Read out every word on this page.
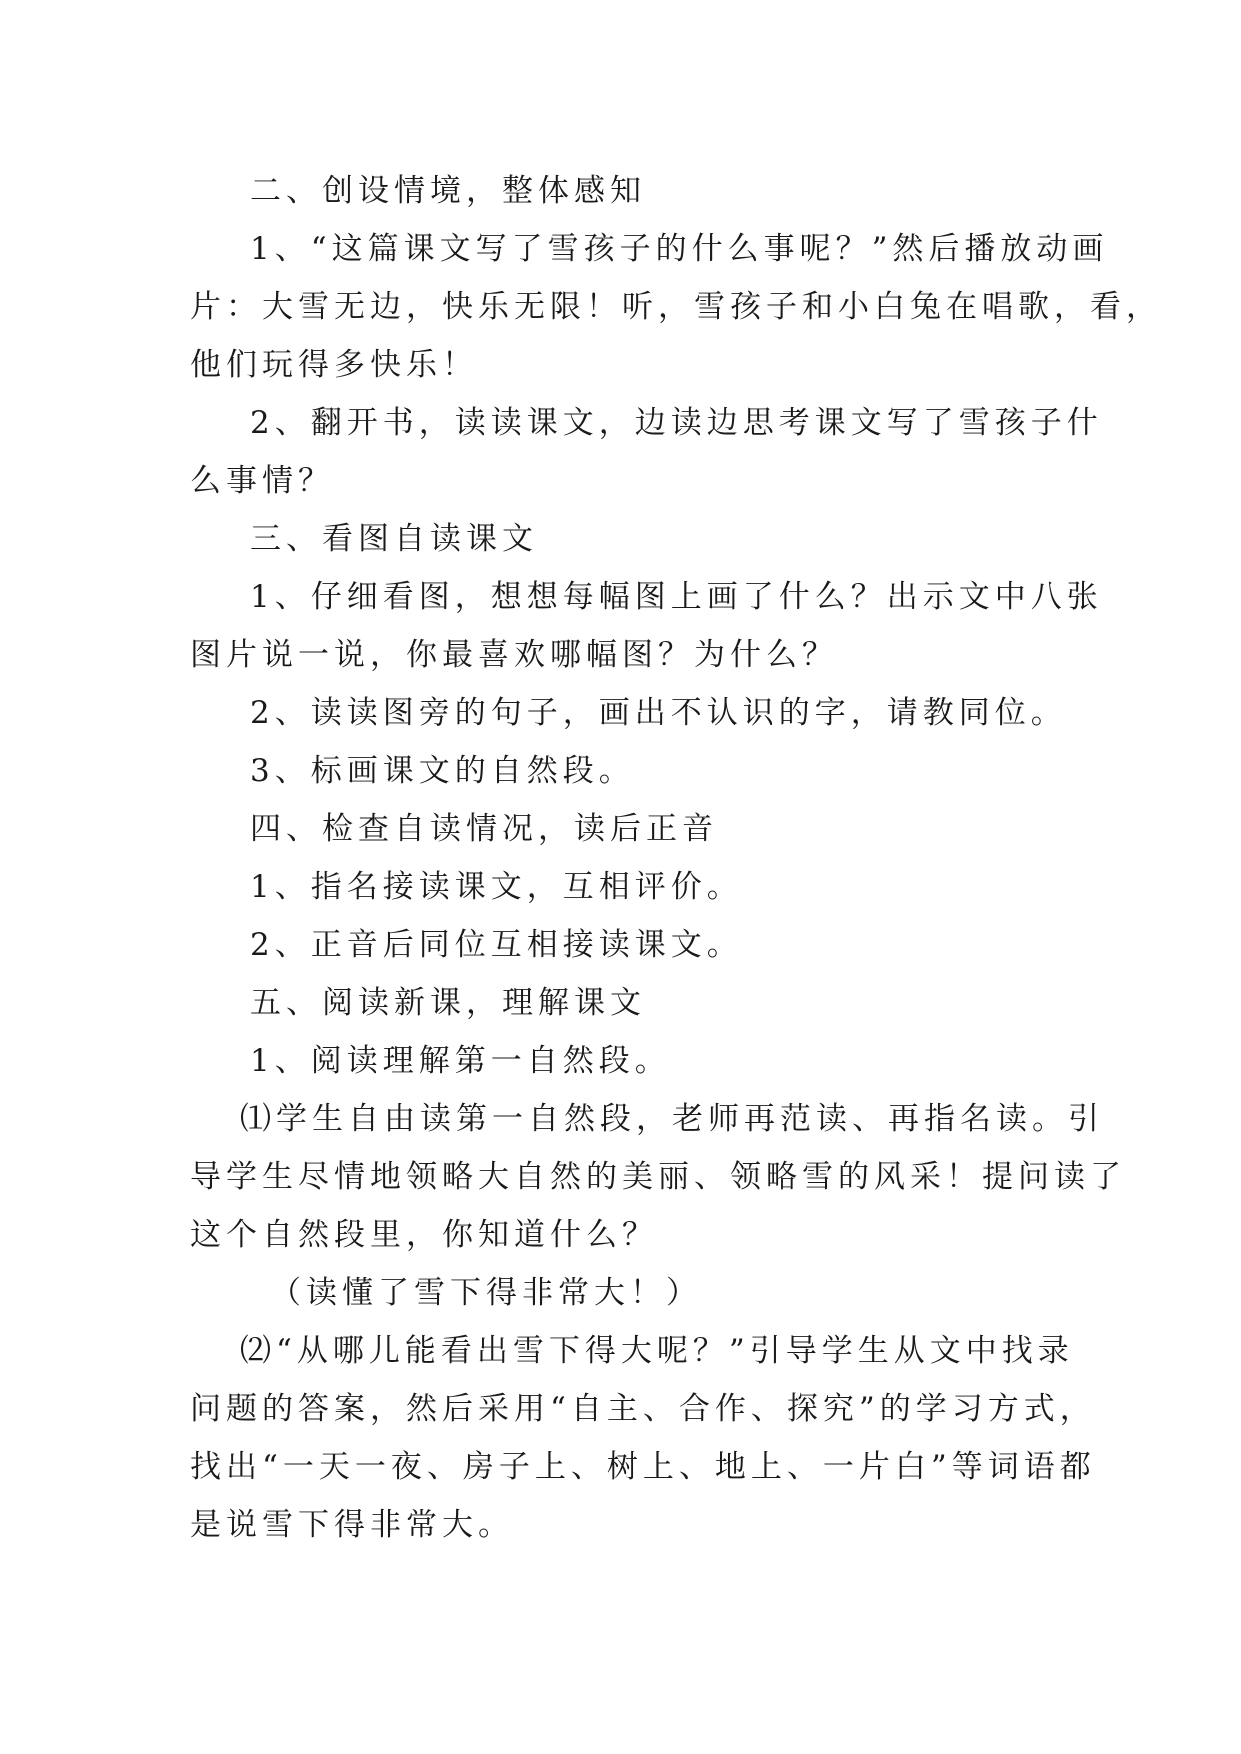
二、创设情境，整体感知
1、“这篇课文写了雪孩子的什么事呢？”然后播放动画
片：大雪无边，快乐无限！听，雪孩子和小白兔在唱歌，看，
他们玩得多快乐！
2、翻开书，读读课文，边读边思考课文写了雪孩子什
么事情？
三、看图自读课文
1、仔细看图，想想每幅图上画了什么？出示文中八张
图片说一说，你最喜欢哪幅图？为什么？
2、读读图旁的句子，画出不认识的字，请教同位。
3、标画课文的自然段。
四、检查自读情况，读后正音
1、指名接读课文，互相评价。
2、正音后同位互相接读课文。
五、阅读新课，理解课文
1、阅读理解第一自然段。
⑴学生自由读第一自然段，老师再范读、再指名读。引
导学生尽情地领略大自然的美丽、领略雪的风采！提问读了
这个自然段里，你知道什么？
（读懂了雪下得非常大！）
⑵“从哪儿能看出雪下得大呢？”引导学生从文中找录
问题的答案，然后采用“自主、合作、探究”的学习方式，
找出“一天一夜、房子上、树上、地上、一片白”等词语都
是说雪下得非常大。
